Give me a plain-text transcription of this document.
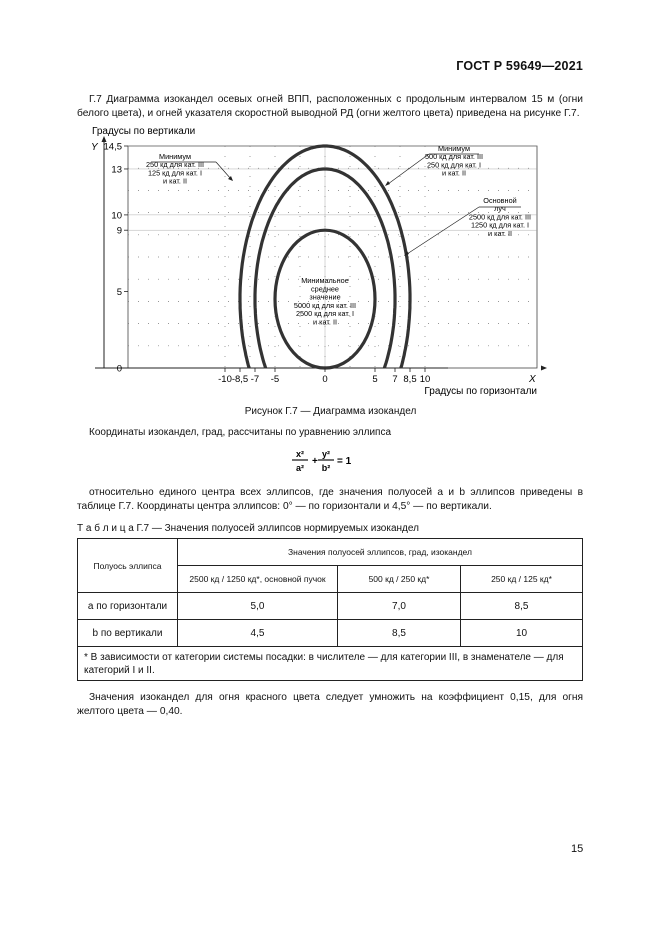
ГОСТ Р 59649—2021
Г.7 Диаграмма изокандел осевых огней ВПП, расположенных с продольным интервалом 15 м (огни белого цвета), и огней указателя скоростной выводной РД (огни желтого цвета) приведена на рисунке Г.7.
Градусы по вертикали
Y
X
Градусы по горизонтали
14,5
13
10
9
5
0
-10 -8,5 -7 -5	0	5 7 8,5 10
Минимум
250 кд для кат. III
125 кд для кат. I
и кат. II
Минимум
500 кд для кат. III
250 кд для кат. I
и кат. II
Основной
луч
2500 кд для кат. III
1250 кд для кат. I
и кат. II
Минимальное
среднее
значение
5000 кд для кат. III
2500 кд для кат. I
и кат. II
Рисунок Г.7 — Диаграмма изокандел
Координаты изокандел, град, рассчитаны по уравнению эллипса
x²
a²
+
y²
b²
= 1
относительно единого центра всех эллипсов, где значения полуосей a и b эллипсов приведены в таблице Г.7. Координаты центра эллипсов: 0° — по горизонтали и 4,5° — по вертикали.
Т а б л и ц а Г.7 — Значения полуосей эллипсов нормируемых изокандел
Полуось эллипса	Значения полуосей эллипсов, град, изокандел		
	2500 кд / 1250 кд*, основной пучок	500 кд / 250 кд*	250 кд / 125 кд*
a по горизонтали	5,0	7,0	8,5
b по вертикали	4,5	8,5	10
* В зависимости от категории системы посадки: в числителе — для категории III, в знаменателе — для категорий I и II.			
Значения изокандел для огня красного цвета следует умножить на коэффициент 0,15, для огня желтого цвета — 0,40.
15
